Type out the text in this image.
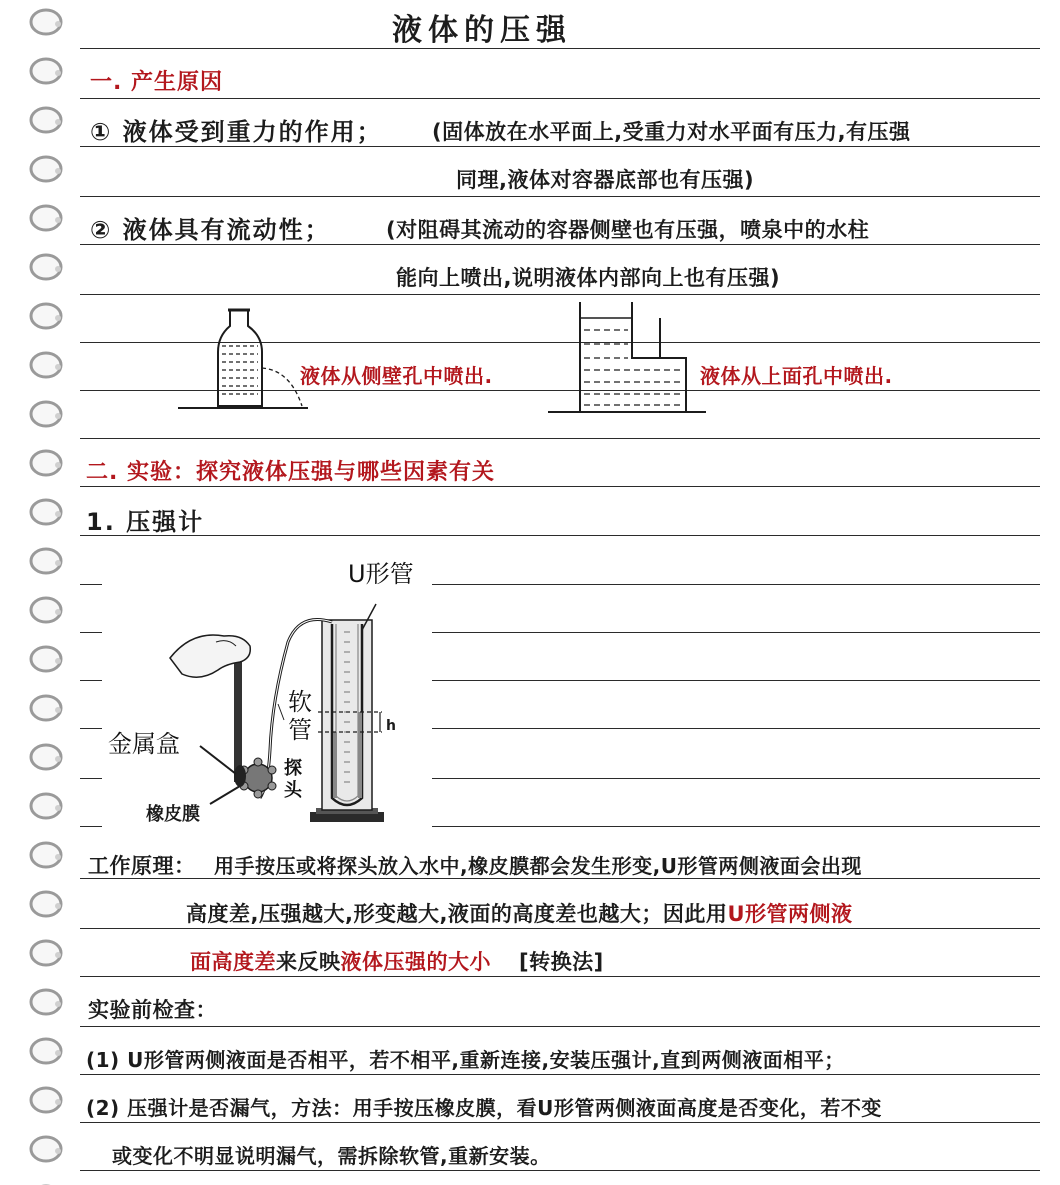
液体的压强
一. 产生原因
① 液体受到重力的作用； (固体放在水平面上,受重力对水平面有压力,有压强
同理,液体对容器底部也有压强)
② 液体具有流动性；	(对阻碍其流动的容器侧壁也有压强，喷泉中的水柱
能向上喷出,说明液体内部向上也有压强)
液体从侧壁孔中喷出.	液体从上面孔中喷出.
二. 实验：探究液体压强与哪些因素有关
1. 压强计
h
U形管
软管
金属盒
探头
橡皮膜
工作原理： 用手按压或将探头放入水中,橡皮膜都会发生形变,U形管两侧液面会出现
高度差,压强越大,形变越大,液面的高度差也越大；因此用U形管两侧液
面高度差来反映液体压强的大小 [转换法]
实验前检查：
(1) U形管两侧液面是否相平，若不相平,重新连接,安装压强计,直到两侧液面相平；
(2) 压强计是否漏气，方法：用手按压橡皮膜，看U形管两侧液面高度是否变化，若不变
或变化不明显说明漏气，需拆除软管,重新安装。
